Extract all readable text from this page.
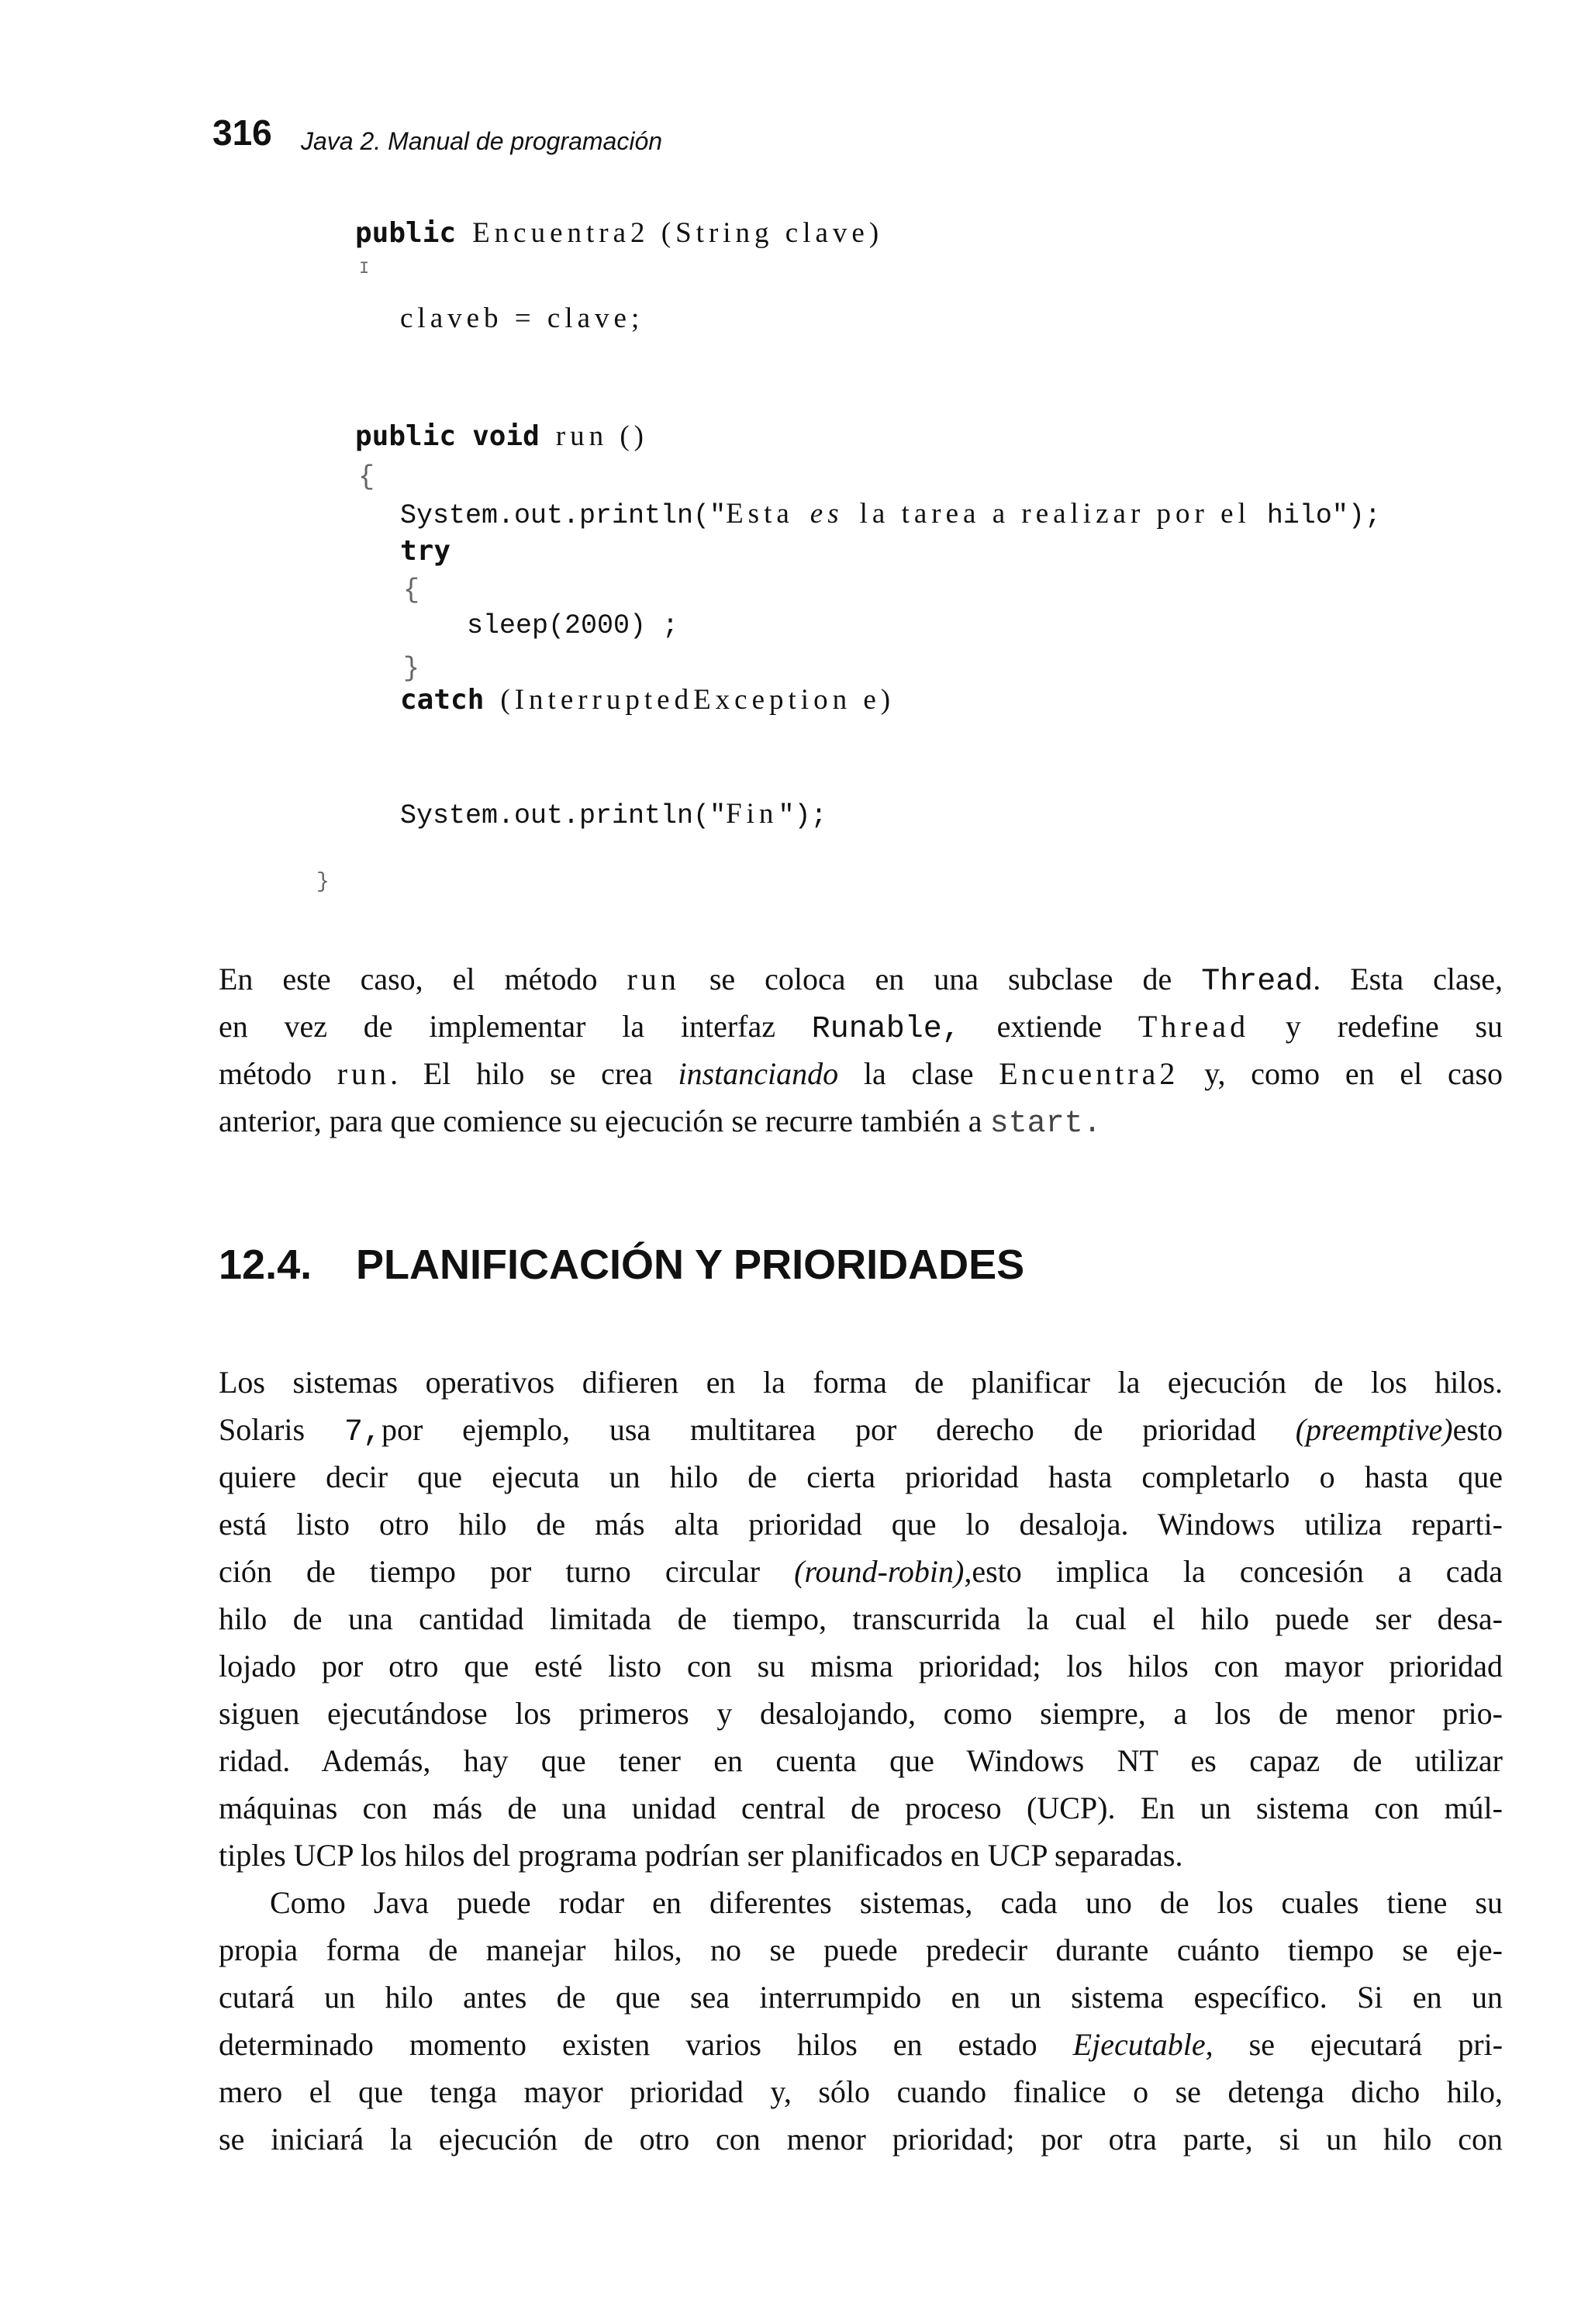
316 Java 2. Manual de programación
public Encuentra2 (String clave)
I
claveb = clave;
public void run ()
{
System.out.println("Esta es la tarea a realizar por el hilo");
try
{
sleep(2000) ;
}
catch (InterruptedException e)
System.out.println("Fin");
}
En este caso, el método run se coloca en una subclase de Thread. Esta clase,
en vez de implementar la interfaz Runable, extiende Thread y redefine su
método run. El hilo se crea instanciando la clase Encuentra2 y, como en el caso
anterior, para que comience su ejecución se recurre también a start.
12.4. PLANIFICACIÓN Y PRIORIDADES
Los sistemas operativos difieren en la forma de planificar la ejecución de los hilos.
Solaris 7,por ejemplo, usa multitarea por derecho de prioridad (preemptive)esto
quiere decir que ejecuta un hilo de cierta prioridad hasta completarlo o hasta que
está listo otro hilo de más alta prioridad que lo desaloja. Windows utiliza reparti-
ción de tiempo por turno circular (round-robin),esto implica la concesión a cada
hilo de una cantidad limitada de tiempo, transcurrida la cual el hilo puede ser desa-
lojado por otro que esté listo con su misma prioridad; los hilos con mayor prioridad
siguen ejecutándose los primeros y desalojando, como siempre, a los de menor prio-
ridad. Además, hay que tener en cuenta que Windows NT es capaz de utilizar
máquinas con más de una unidad central de proceso (UCP). En un sistema con múl-
tiples UCP los hilos del programa podrían ser planificados en UCP separadas.
Como Java puede rodar en diferentes sistemas, cada uno de los cuales tiene su
propia forma de manejar hilos, no se puede predecir durante cuánto tiempo se eje-
cutará un hilo antes de que sea interrumpido en un sistema específico. Si en un
determinado momento existen varios hilos en estado Ejecutable, se ejecutará pri-
mero el que tenga mayor prioridad y, sólo cuando finalice o se detenga dicho hilo,
se iniciará la ejecución de otro con menor prioridad; por otra parte, si un hilo con
